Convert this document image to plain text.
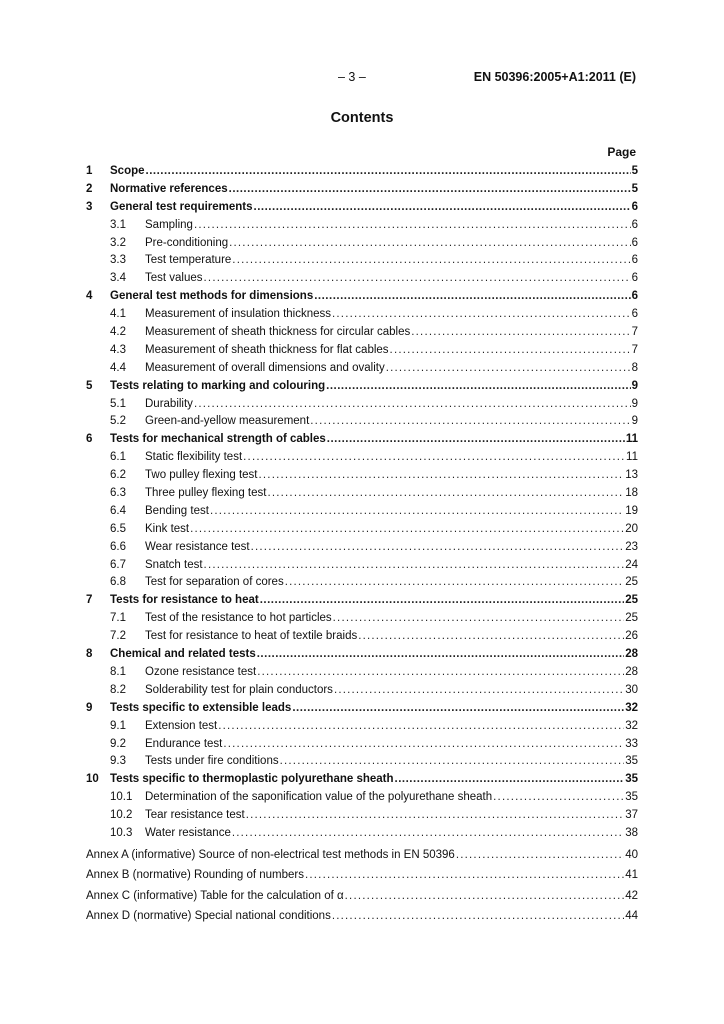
– 3 –	EN 50396:2005+A1:2011 (E)
Contents
Page
1	Scope .....	5
2	Normative references .....	5
3	General test requirements .....	6
3.1	Sampling .....	6
3.2	Pre-conditioning .....	6
3.3	Test temperature .....	6
3.4	Test values .....	6
4	General test methods for dimensions .....	6
4.1	Measurement of insulation thickness .....	6
4.2	Measurement of sheath thickness for circular cables .....	7
4.3	Measurement of sheath thickness for flat cables .....	7
4.4	Measurement of overall dimensions and ovality .....	8
5	Tests relating to marking and colouring .....	9
5.1	Durability .....	9
5.2	Green-and-yellow measurement .....	9
6	Tests for mechanical strength of cables .....	11
6.1	Static flexibility test .....	11
6.2	Two pulley flexing test .....	13
6.3	Three pulley flexing test .....	18
6.4	Bending test .....	19
6.5	Kink test .....	20
6.6	Wear resistance test .....	23
6.7	Snatch test .....	24
6.8	Test for separation of cores .....	25
7	Tests for resistance to heat .....	25
7.1	Test of the resistance to hot particles .....	25
7.2	Test for resistance to heat of textile braids .....	26
8	Chemical and related tests .....	28
8.1	Ozone resistance test .....	28
8.2	Solderability test for plain conductors .....	30
9	Tests specific to extensible leads .....	32
9.1	Extension test .....	32
9.2	Endurance test .....	33
9.3	Tests under fire conditions .....	35
10 Tests specific to thermoplastic polyurethane sheath .....	35
10.1	Determination of the saponification value of the polyurethane sheath .....	35
10.2	Tear resistance test .....	37
10.3	Water resistance .....	38
Annex A (informative) Source of non-electrical test methods in EN 50396 .....	40
Annex B (normative) Rounding of numbers .....	41
Annex C (informative) Table for the calculation of α .....	42
Annex D (normative) Special national conditions .....	44
